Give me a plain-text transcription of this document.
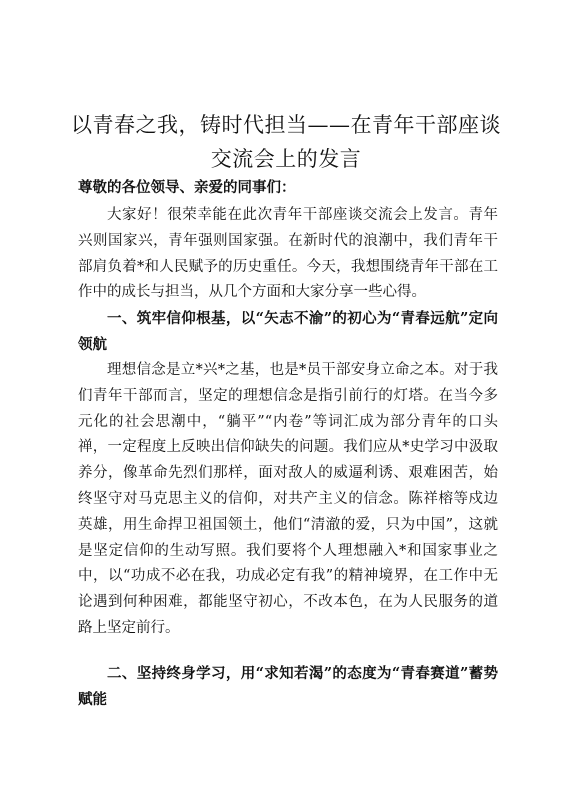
以青春之我，铸时代担当——在青年干部座谈
交流会上的发言
尊敬的各位领导、亲爱的同事们：
大家好！很荣幸能在此次青年干部座谈交流会上发言。青年兴则国家兴，青年强则国家强。在新时代的浪潮中，我们青年干部肩负着*和人民赋予的历史重任。今天，我想围绕青年干部在工作中的成长与担当，从几个方面和大家分享一些心得。
一、筑牢信仰根基，以“矢志不渝”的初心为“青春远航”定向领航
理想信念是立*兴*之基，也是*员干部安身立命之本。对于我们青年干部而言，坚定的理想信念是指引前行的灯塔。在当今多元化的社会思潮中，“躺平”“内卷”等词汇成为部分青年的口头禅，一定程度上反映出信仰缺失的问题。我们应从*史学习中汲取养分，像革命先烈们那样，面对敌人的威逼利诱、艰难困苦，始终坚守对马克思主义的信仰，对共产主义的信念。陈祥榕等戍边英雄，用生命捍卫祖国领土，他们“清澈的爱，只为中国”，这就是坚定信仰的生动写照。我们要将个人理想融入*和国家事业之中，以“功成不必在我，功成必定有我”的精神境界，在工作中无论遇到何种困难，都能坚守初心，不改本色，在为人民服务的道路上坚定前行。
二、坚持终身学习，用“求知若渴”的态度为“青春赛道”蓄势赋能
